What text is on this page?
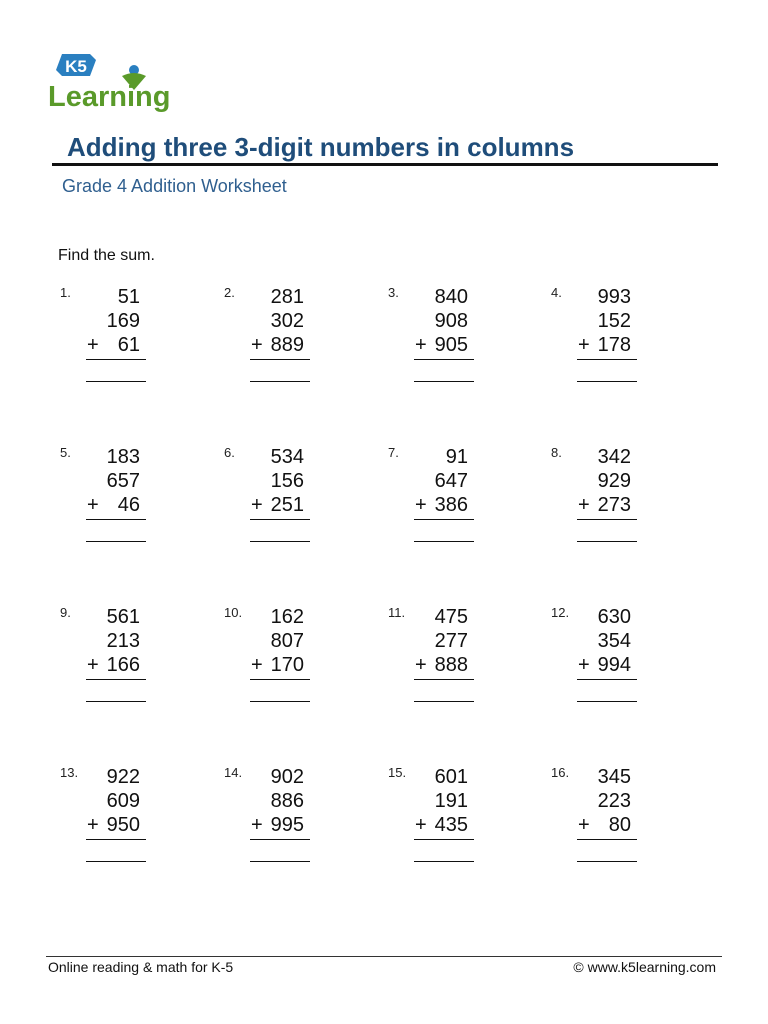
K5
Learning
Adding three 3-digit numbers in columns
Grade 4 Addition Worksheet
Find the sum.
1.	51
169
+ 61
2.	281
302
+ 889
3.	840
908
+ 905
4.	993
152
+ 178
5.	183
657
+ 46
6.	534
156
+ 251
7.	91
647
+ 386
8.	342
929
+ 273
9.	561
213
+ 166
10.	162
807
+ 170
11.	475
277
+ 888
12.	630
354
+ 994
13.	922
609
+ 950
14.	902
886
+ 995
15.	601
191
+ 435
16.	345
223
+ 80
Online reading & math for K-5	© www.k5learning.com
